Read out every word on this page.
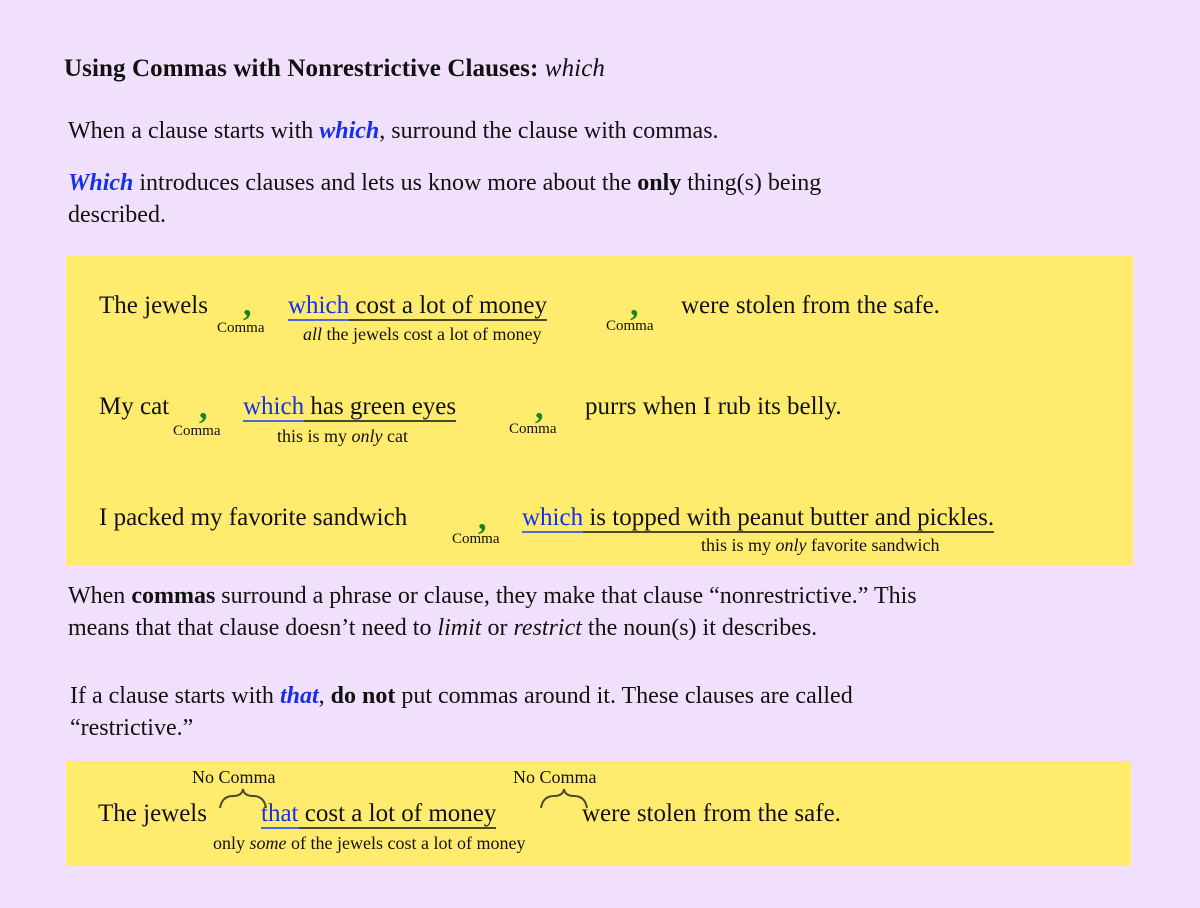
Using Commas with Nonrestrictive Clauses: which
When a clause starts with which, surround the clause with commas.
Which introduces clauses and lets us know more about the only thing(s) being
described.
The jewels ,
Comma
which cost a lot of money ,
Comma
were stolen from the safe.
all the jewels cost a lot of money
My cat ,
Comma
which has green eyes ,
Comma
purrs when I rub its belly.
this is my only cat
I packed my favorite sandwich ,
Comma
which is topped with peanut butter and pickles.
this is my only favorite sandwich
When commas surround a phrase or clause, they make that clause “nonrestrictive.” This
means that that clause doesn’t need to limit or restrict the noun(s) it describes.
If a clause starts with that, do not put commas around it. These clauses are called
“restrictive.”
No Comma	No Comma
The jewels that cost a lot of money	were stolen from the safe.
only some of the jewels cost a lot of money
